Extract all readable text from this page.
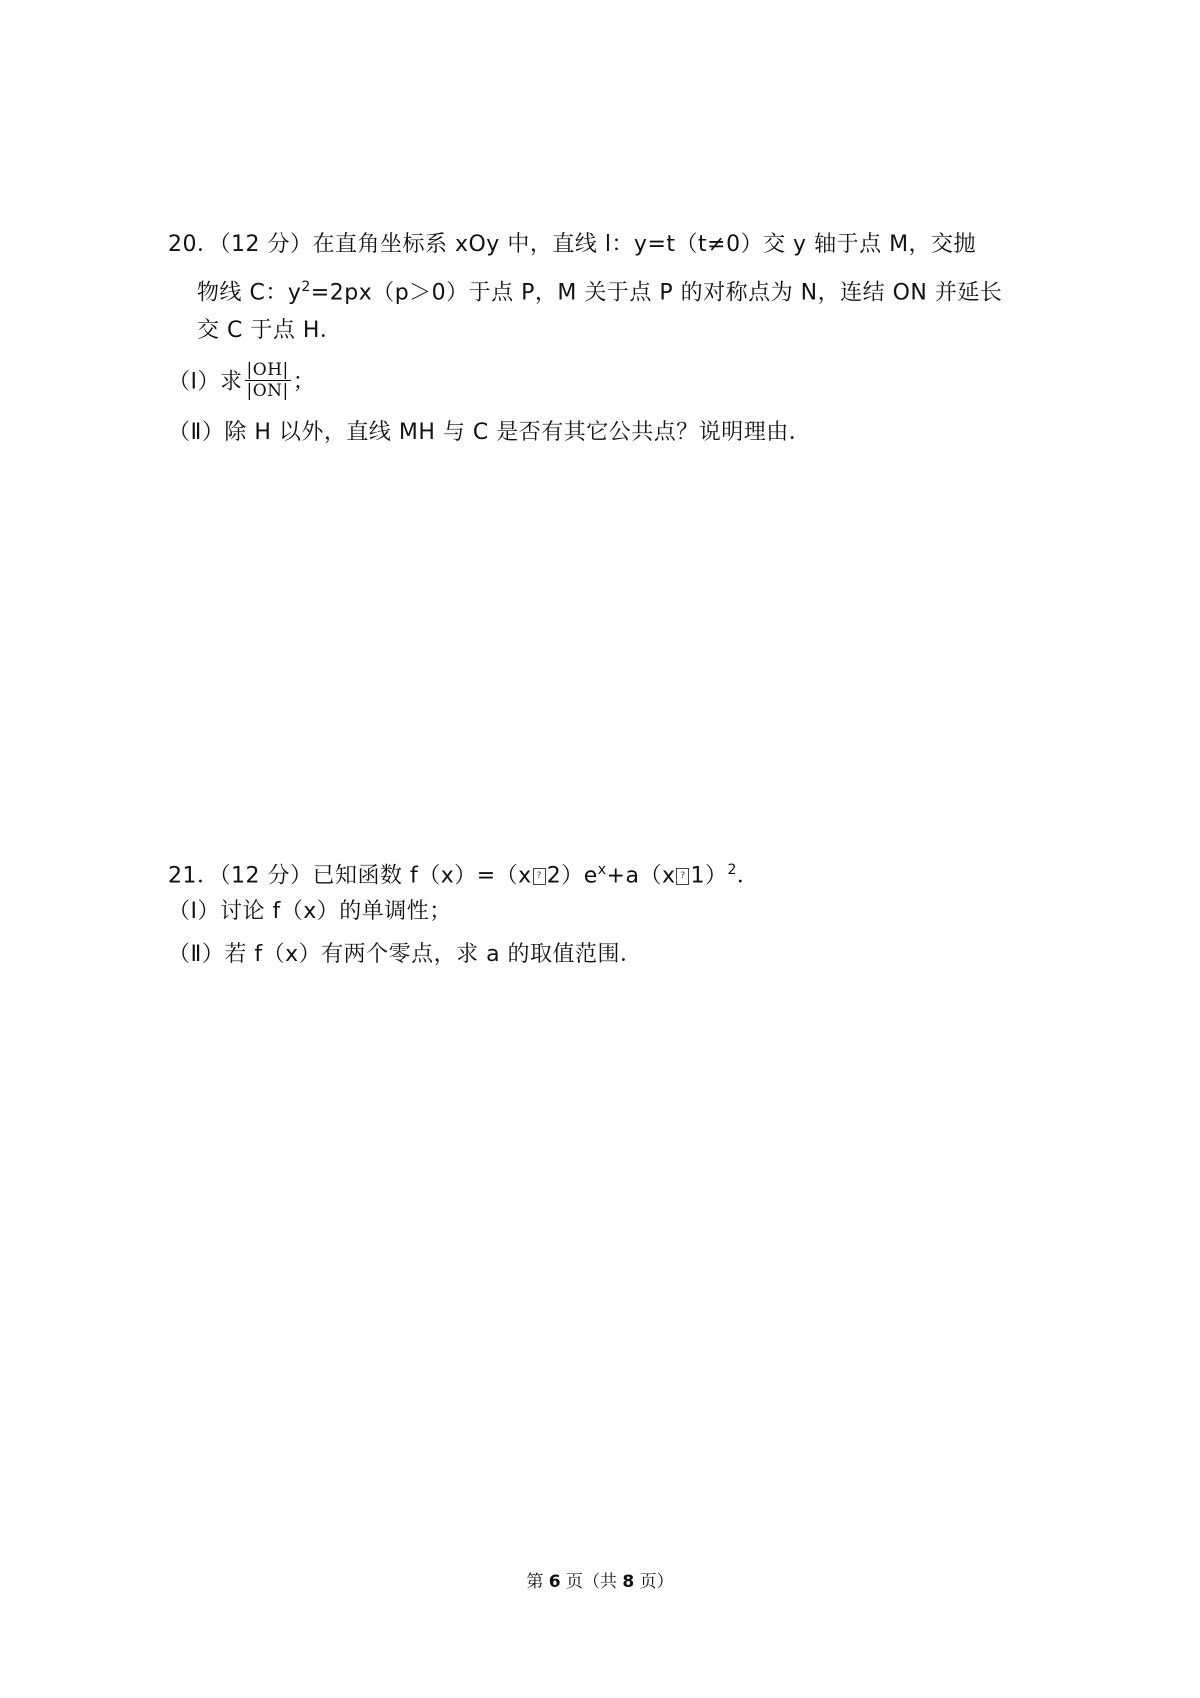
20．（12 分）在直角坐标系 xOy 中，直线 l：y=t（t≠0）交 y 轴于点 M，交抛
物线 C：$y^2=2px(p>0)$于点 P，M 关于点 P 的对称点为 N，连结 ON 并延长
交 C 于点 H．
（Ⅰ）求 $\frac{|OH|}{|ON|}$ ；
（Ⅱ）除 H 以外，直线 MH 与 C 是否有其它公共点？说明理由．
21．（12 分）已知函数 f（x）=（x ? $2)e^x+a(x$ ? 1）$^2$．
（Ⅰ）讨论 f（x）的单调性；
（Ⅱ）若 f（x）有两个零点，求 a 的取值范围．
第 6 页（共 8 页）
